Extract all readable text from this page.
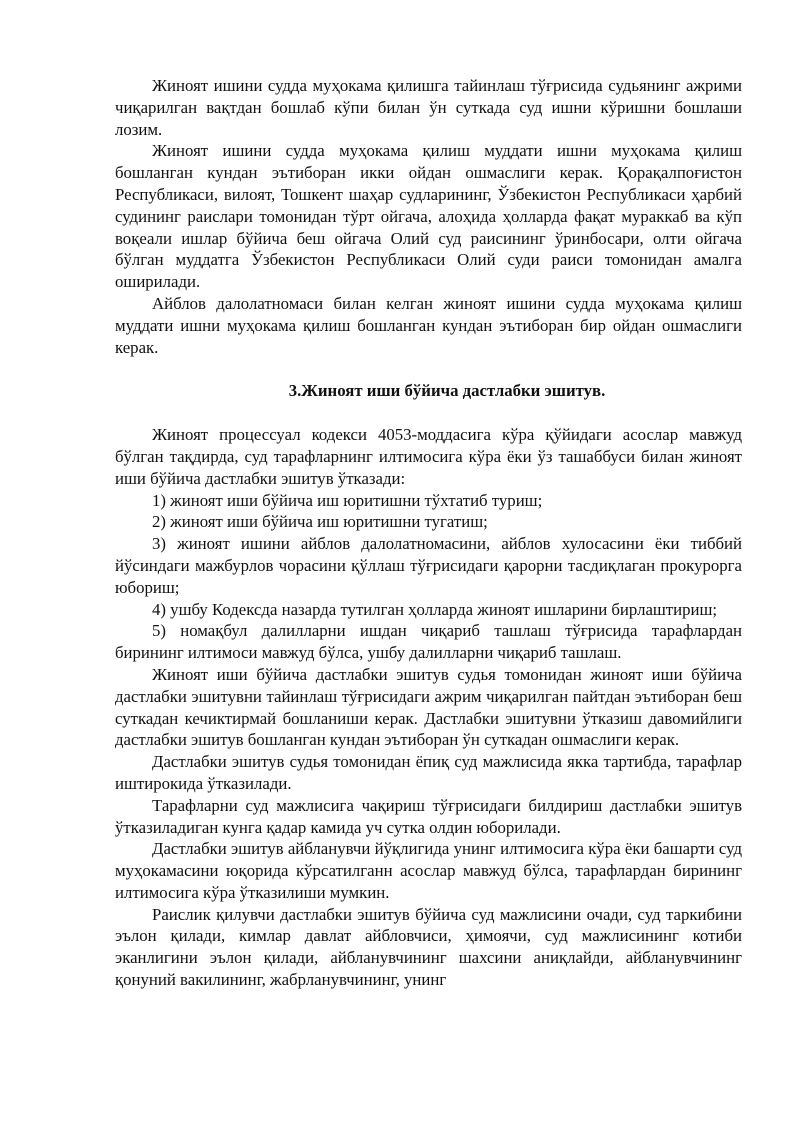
Жиноят ишини судда муҳокама қилишга тайинлаш тўғрисида судьянинг ажрими чиқарилган вақтдан бошлаб кўпи билан ўн суткада суд ишни кўришни бошлаши лозим.

Жиноят ишини судда муҳокама қилиш муддати ишни муҳокама қилиш бошланган кундан эътиборан икки ойдан ошмаслиги керак. Қорақалпоғистон Республикаси, вилоят, Тошкент шаҳар судларининг, Ўзбекистон Республикаси ҳарбий судининг раислари томонидан тўрт ойгача, алоҳида ҳолларда фақат мураккаб ва кўп воқеали ишлар бўйича беш ойгача Олий суд раисининг ўринбосари, олти ойгача бўлган муддатга Ўзбекистон Республикаси Олий суди раиси томонидан амалга оширилади.

Айблов далолатномаси билан келган жиноят ишини судда муҳокама қилиш муддати ишни муҳокама қилиш бошланган кундан эътиборан бир ойдан ошмаслиги керак.

3.Жиноят иши бўйича дастлабки эшитув.

Жиноят процессуал кодекси 4053-моддасига кўра қўйидаги асослар мавжуд бўлган тақдирда, суд тарафларнинг илтимосига кўра ёки ўз ташаббуси билан жиноят иши бўйича дастлабки эшитув ўтказади:

1) жиноят иши бўйича иш юритишни тўхтатиб туриш;

2) жиноят иши бўйича иш юритишни тугатиш;

3) жиноят ишини айблов далолатномасини, айблов хулосасини ёки тиббий йўсиндаги мажбурлов чорасини қўллаш тўғрисидаги қарорни тасдиқлаган прокурорга юбориш;

4) ушбу Кодексда назарда тутилган ҳолларда жиноят ишларини бирлаштириш;

5) номақбул далилларни ишдан чиқариб ташлаш тўғрисида тарафлардан бирининг илтимоси мавжуд бўлса, ушбу далилларни чиқариб ташлаш.

Жиноят иши бўйича дастлабки эшитув судья томонидан жиноят иши бўйича дастлабки эшитувни тайинлаш тўғрисидаги ажрим чиқарилган пайтдан эътиборан беш суткадан кечиктирмай бошланиши керак. Дастлабки эшитувни ўтказиш давомийлиги дастлабки эшитув бошланган кундан эътиборан ўн суткадан ошмаслиги керак.

Дастлабки эшитув судья томонидан ёпиқ суд мажлисида якка тартибда, тарафлар иштирокида ўтказилади.

Тарафларни суд мажлисига чақириш тўғрисидаги билдириш дастлабки эшитув ўтказиладиган кунга қадар камида уч сутка олдин юборилади.

Дастлабки эшитув айбланувчи йўқлигида унинг илтимосига кўра ёки башарти суд муҳокамасини юқорида кўрсатилганн асослар мавжуд бўлса, тарафлардан бирининг илтимосига кўра ўтказилиши мумкин.

Раислик қилувчи дастлабки эшитув бўйича суд мажлисини очади, суд таркибини эълон қилади, кимлар давлат айбловчиси, ҳимоячи, суд мажлисининг котиби эканлигини эълон қилади, айбланувчининг шахсини аниқлайди, айбланувчининг қонуний вакилининг, жабрланувчининг, унинг
